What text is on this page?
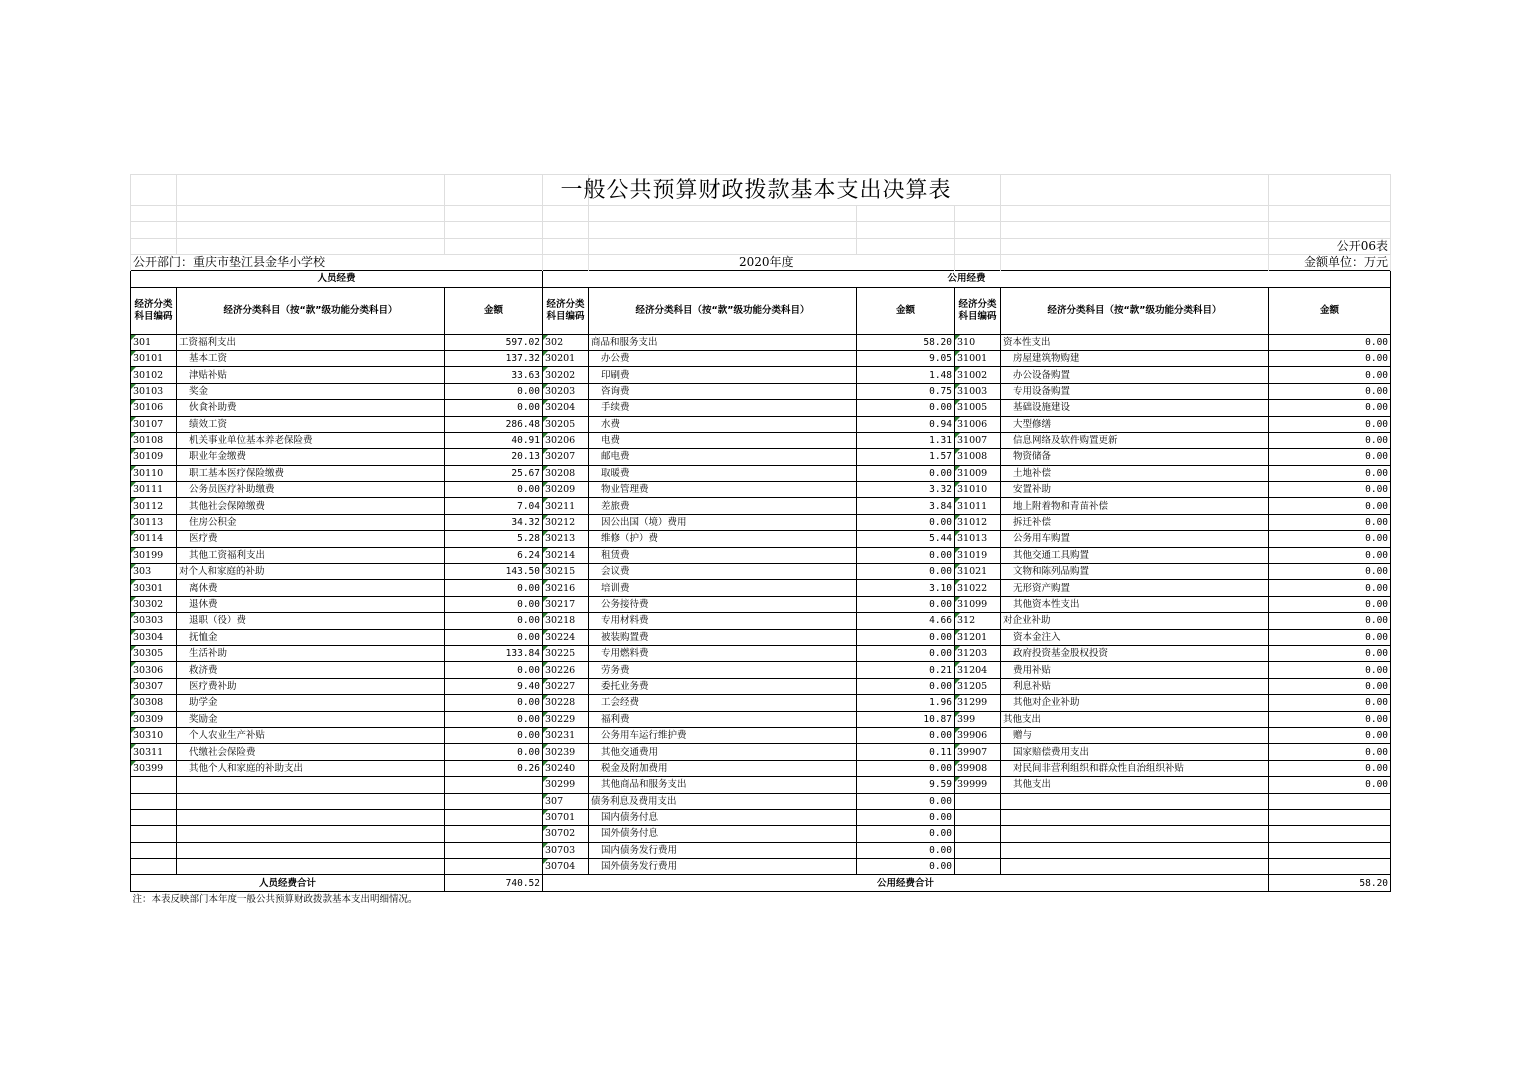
				一般公共预算财政拨款基本支出决算表				

								公开06表
公开部门：重庆市垫江县金华小学校				2020年度				金额单位：万元
人员经费			公用经费					
经济分类科目编码	经济分类科目（按“款”级功能分类科目）	金额	经济分类科目编码	经济分类科目（按“款”级功能分类科目）	金额	经济分类科目编码	经济分类科目（按“款”级功能分类科目）	金额
301	工资福利支出	597.02	302	商品和服务支出	58.20	310	资本性支出	0.00
30101	基本工资	137.32	30201	办公费	9.05	31001	房屋建筑物购建	0.00
30102	津贴补贴	33.63	30202	印刷费	1.48	31002	办公设备购置	0.00
30103	奖金	0.00	30203	咨询费	0.75	31003	专用设备购置	0.00
30106	伙食补助费	0.00	30204	手续费	0.00	31005	基础设施建设	0.00
30107	绩效工资	286.48	30205	水费	0.94	31006	大型修缮	0.00
30108	机关事业单位基本养老保险费	40.91	30206	电费	1.31	31007	信息网络及软件购置更新	0.00
30109	职业年金缴费	20.13	30207	邮电费	1.57	31008	物资储备	0.00
30110	职工基本医疗保险缴费	25.67	30208	取暖费	0.00	31009	土地补偿	0.00
30111	公务员医疗补助缴费	0.00	30209	物业管理费	3.32	31010	安置补助	0.00
30112	其他社会保障缴费	7.04	30211	差旅费	3.84	31011	地上附着物和青苗补偿	0.00
30113	住房公积金	34.32	30212	因公出国（境）费用	0.00	31012	拆迁补偿	0.00
30114	医疗费	5.28	30213	维修（护）费	5.44	31013	公务用车购置	0.00
30199	其他工资福利支出	6.24	30214	租赁费	0.00	31019	其他交通工具购置	0.00
303	对个人和家庭的补助	143.50	30215	会议费	0.00	31021	文物和陈列品购置	0.00
30301	离休费	0.00	30216	培训费	3.10	31022	无形资产购置	0.00
30302	退休费	0.00	30217	公务接待费	0.00	31099	其他资本性支出	0.00
30303	退职（役）费	0.00	30218	专用材料费	4.66	312	对企业补助	0.00
30304	抚恤金	0.00	30224	被装购置费	0.00	31201	资本金注入	0.00
30305	生活补助	133.84	30225	专用燃料费	0.00	31203	政府投资基金股权投资	0.00
30306	救济费	0.00	30226	劳务费	0.21	31204	费用补贴	0.00
30307	医疗费补助	9.40	30227	委托业务费	0.00	31205	利息补贴	0.00
30308	助学金	0.00	30228	工会经费	1.96	31299	其他对企业补助	0.00
30309	奖励金	0.00	30229	福利费	10.87	399	其他支出	0.00
30310	个人农业生产补贴	0.00	30231	公务用车运行维护费	0.00	39906	赠与	0.00
30311	代缴社会保险费	0.00	30239	其他交通费用	0.11	39907	国家赔偿费用支出	0.00
30399	其他个人和家庭的补助支出	0.26	30240	税金及附加费用	0.00	39908	对民间非营利组织和群众性自治组织补贴	0.00
			30299	其他商品和服务支出	9.59	39999	其他支出	0.00
			307	债务利息及费用支出	0.00			
			30701	国内债务付息	0.00			
			30702	国外债务付息	0.00			
			30703	国内债务发行费用	0.00			
			30704	国外债务发行费用	0.00			
人员经费合计		740.52	公用经费合计					58.20
注：本表反映部门本年度一般公共预算财政拨款基本支出明细情况。								
